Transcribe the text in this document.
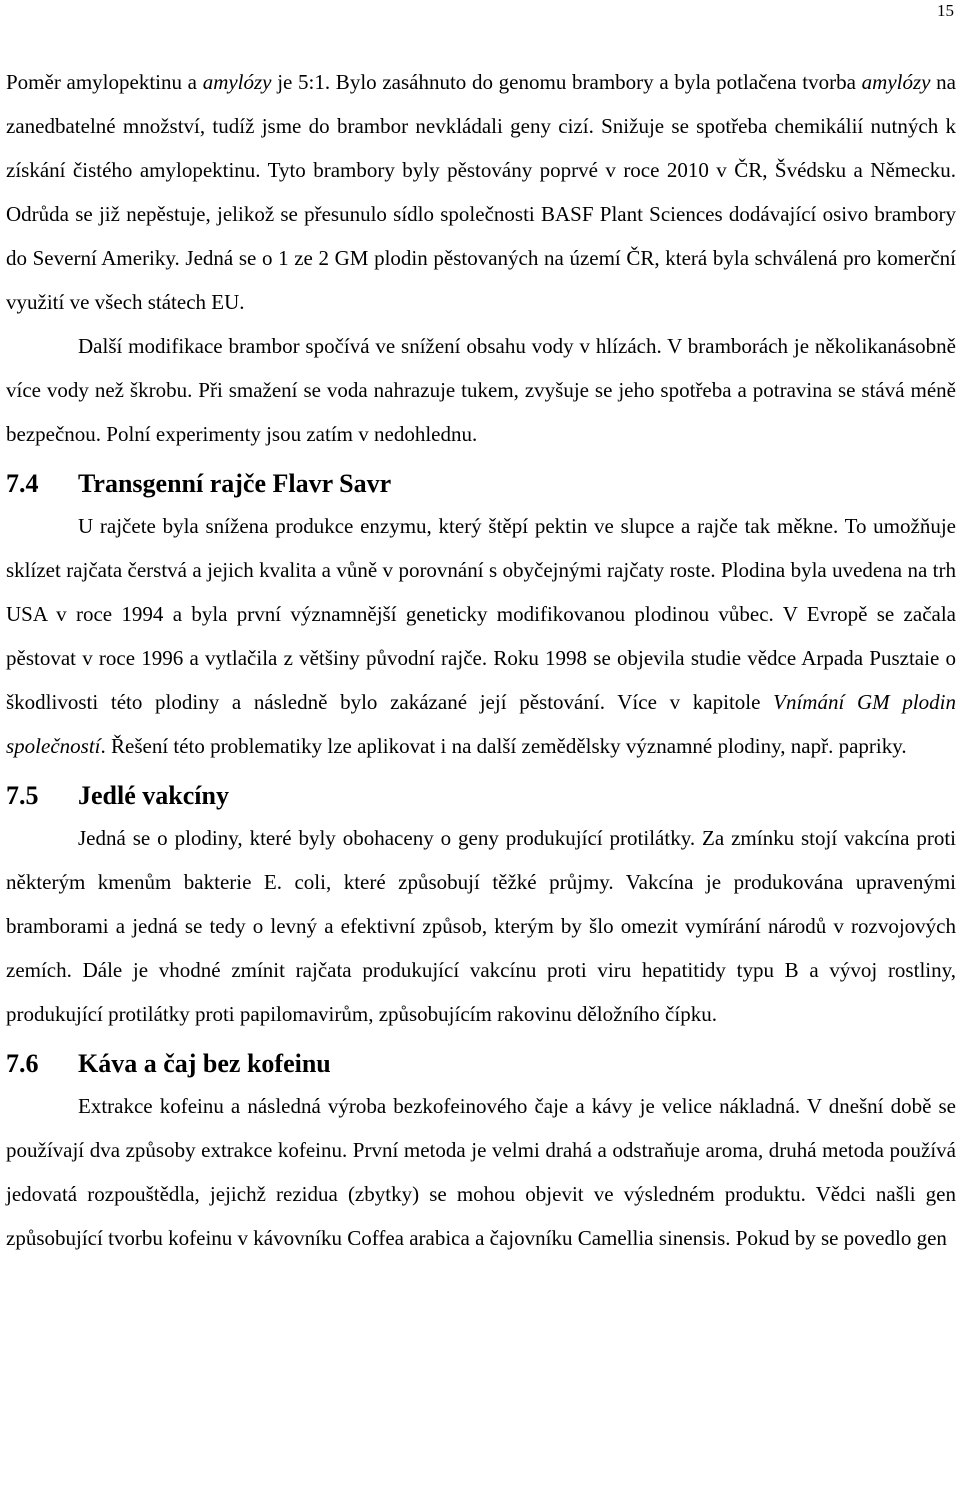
15

Poměr amylopektinu a amylózy je 5:1. Bylo zasáhnuto do genomu brambory a byla potlačena tvorba amylózy na zanedbatelné množství, tudíž jsme do brambor nevkládali geny cizí. Snižuje se spotřeba chemikálií nutných k získání čistého amylopektinu. Tyto brambory byly pěstovány poprvé v roce 2010 v ČR, Švédsku a Německu. Odrůda se již nepěstuje, jelikož se přesunulo sídlo společnosti BASF Plant Sciences dodávající osivo brambory do Severní Ameriky. Jedná se o 1 ze 2 GM plodin pěstovaných na území ČR, která byla schválená pro komerční využití ve všech státech EU.

Další modifikace brambor spočívá ve snížení obsahu vody v hlízách. V bramborách je několikanásobně více vody než škrobu. Při smažení se voda nahrazuje tukem, zvyšuje se jeho spotřeba a potravina se stává méně bezpečnou. Polní experimenty jsou zatím v nedohlednu.

7.4	Transgenní rajče Flavr Savr

U rajčete byla snížena produkce enzymu, který štěpí pektin ve slupce a rajče tak měkne. To umožňuje sklízet rajčata čerstvá a jejich kvalita a vůně v porovnání s obyčejnými rajčaty roste. Plodina byla uvedena na trh USA v roce 1994 a byla první významnější geneticky modifikovanou plodinou vůbec. V Evropě se začala pěstovat v roce 1996 a vytlačila z většiny původní rajče. Roku 1998 se objevila studie vědce Arpada Pusztaie o škodlivosti této plodiny a následně bylo zakázané její pěstování. Více v kapitole Vnímání GM plodin společností. Řešení této problematiky lze aplikovat i na další zemědělsky významné plodiny, např. papriky.

7.5	Jedlé vakcíny

Jedná se o plodiny, které byly obohaceny o geny produkující protilátky. Za zmínku stojí vakcína proti některým kmenům bakterie E. coli, které způsobují těžké průjmy. Vakcína je produkována upravenými bramborami a jedná se tedy o levný a efektivní způsob, kterým by šlo omezit vymírání národů v rozvojových zemích. Dále je vhodné zmínit rajčata produkující vakcínu proti viru hepatitidy typu B a vývoj rostliny, produkující protilátky proti papilomavirům, způsobujícím rakovinu děložního čípku.

7.6	Káva a čaj bez kofeinu

Extrakce kofeinu a následná výroba bezkofeinového čaje a kávy je velice nákladná. V dnešní době se používají dva způsoby extrakce kofeinu. První metoda je velmi drahá a odstraňuje aroma, druhá metoda používá jedovatá rozpouštědla, jejichž rezidua (zbytky) se mohou objevit ve výsledném produktu. Vědci našli gen způsobující tvorbu kofeinu v kávovníku Coffea arabica a čajovníku Camellia sinensis. Pokud by se povedlo gen
